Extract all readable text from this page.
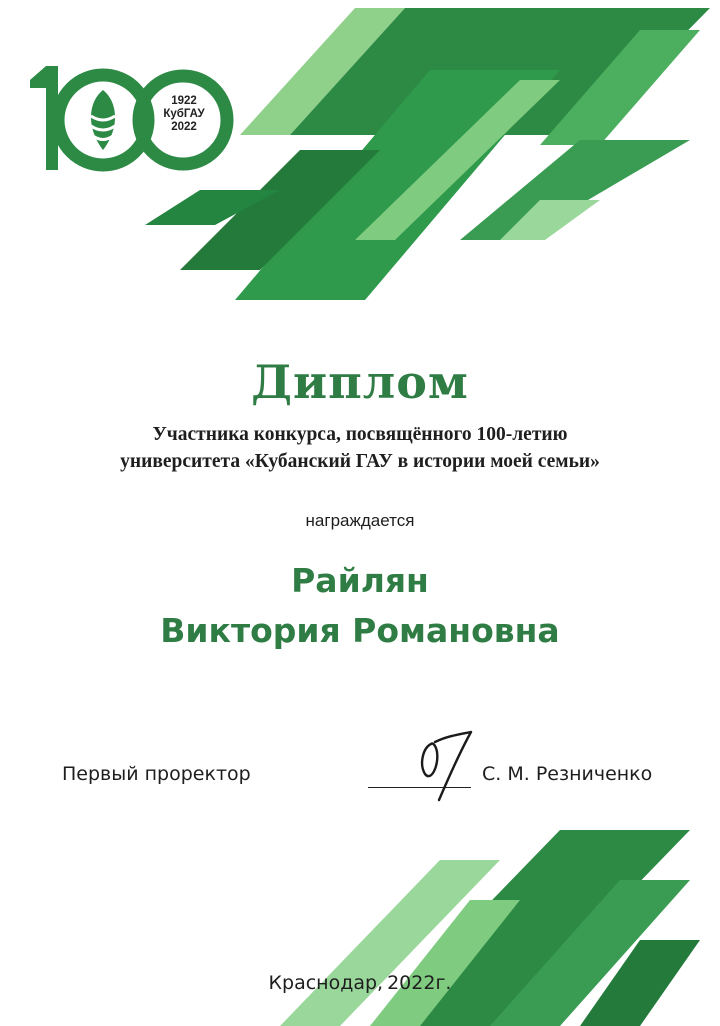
1922
КубГАУ
2022
Диплом
Участника конкурса, посвящённого 100-летию
университета «Кубанский ГАУ в истории моей семьи»
награждается
Райлян
Виктория Романовна
Первый проректор	С. М. Резниченко
Краснодар, 2022г.
